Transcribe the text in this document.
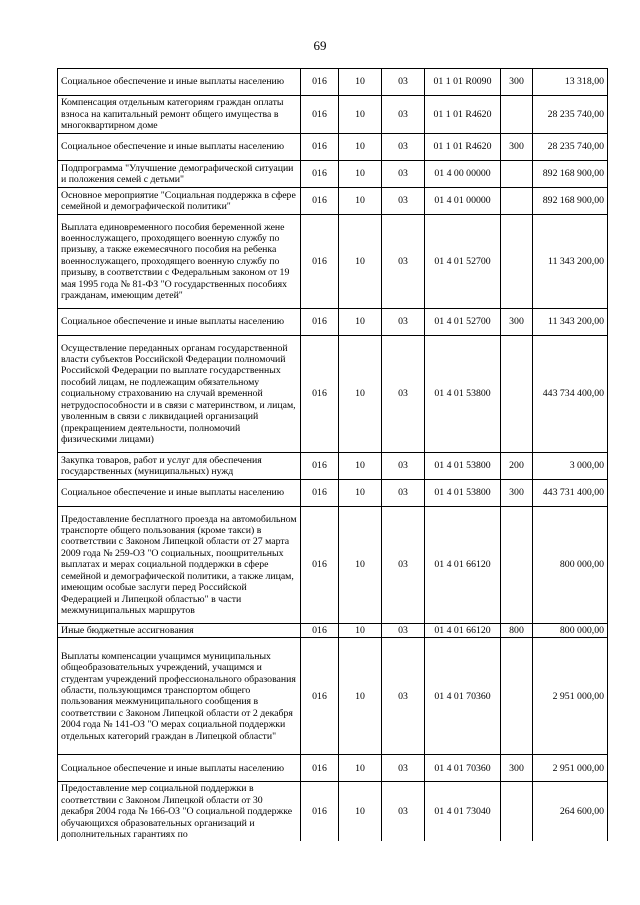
69
Социальное обеспечение и иные выплаты населению	016	10	03	01 1 01 R0090	300	13 318,00
Компенсация отдельным категориям граждан оплаты взноса на капитальный ремонт общего имущества в многоквартирном доме	016	10	03	01 1 01 R4620		28 235 740,00
Социальное обеспечение и иные выплаты населению	016	10	03	01 1 01 R4620	300	28 235 740,00
Подпрограмма "Улучшение демографической ситуации и положения семей с детьми"	016	10	03	01 4 00 00000		892 168 900,00
Основное мероприятие "Социальная поддержка в сфере семейной и демографической политики"	016	10	03	01 4 01 00000		892 168 900,00
Выплата единовременного пособия беременной жене военнослужащего, проходящего военную службу по призыву, а также ежемесячного пособия на ребенка военнослужащего, проходящего военную службу по призыву, в соответствии с Федеральным законом от 19 мая 1995 года № 81-ФЗ "О государственных пособиях гражданам, имеющим детей"	016	10	03	01 4 01 52700		11 343 200,00
Социальное обеспечение и иные выплаты населению	016	10	03	01 4 01 52700	300	11 343 200,00
Осуществление переданных органам государственной власти субъектов Российской Федерации полномочий Российской Федерации по выплате государственных пособий лицам, не подлежащим обязательному социальному страхованию на случай временной нетрудоспособности и в связи с материнством, и лицам, уволенным в связи с ликвидацией организаций (прекращением деятельности, полномочий физическими лицами)	016	10	03	01 4 01 53800		443 734 400,00
Закупка товаров, работ и услуг для обеспечения государственных (муниципальных) нужд	016	10	03	01 4 01 53800	200	3 000,00
Социальное обеспечение и иные выплаты населению	016	10	03	01 4 01 53800	300	443 731 400,00
Предоставление бесплатного проезда на автомобильном транспорте общего пользования (кроме такси) в соответствии с Законом Липецкой области от 27 марта 2009 года № 259-ОЗ "О социальных, поощрительных выплатах и мерах социальной поддержки в сфере семейной и демографической политики, а также лицам, имеющим особые заслуги перед Российской Федерацией и Липецкой областью" в части межмуниципальных маршрутов	016	10	03	01 4 01 66120		800 000,00
Иные бюджетные ассигнования	016	10	03	01 4 01 66120	800	800 000,00
Выплаты компенсации учащимся муниципальных общеобразовательных учреждений, учащимся и студентам учреждений профессионального образования области, пользующимся транспортом общего пользования межмуниципального сообщения в соответствии с Законом Липецкой области от 2 декабря 2004 года № 141-ОЗ "О мерах социальной поддержки отдельных категорий граждан в Липецкой области"	016	10	03	01 4 01 70360		2 951 000,00
Социальное обеспечение и иные выплаты населению	016	10	03	01 4 01 70360	300	2 951 000,00
Предоставление мер социальной поддержки в соответствии с Законом Липецкой области от 30 декабря 2004 года № 166-ОЗ "О социальной поддержке обучающихся образовательных организаций и дополнительных гарантиях по	016	10	03	01 4 01 73040		264 600,00
